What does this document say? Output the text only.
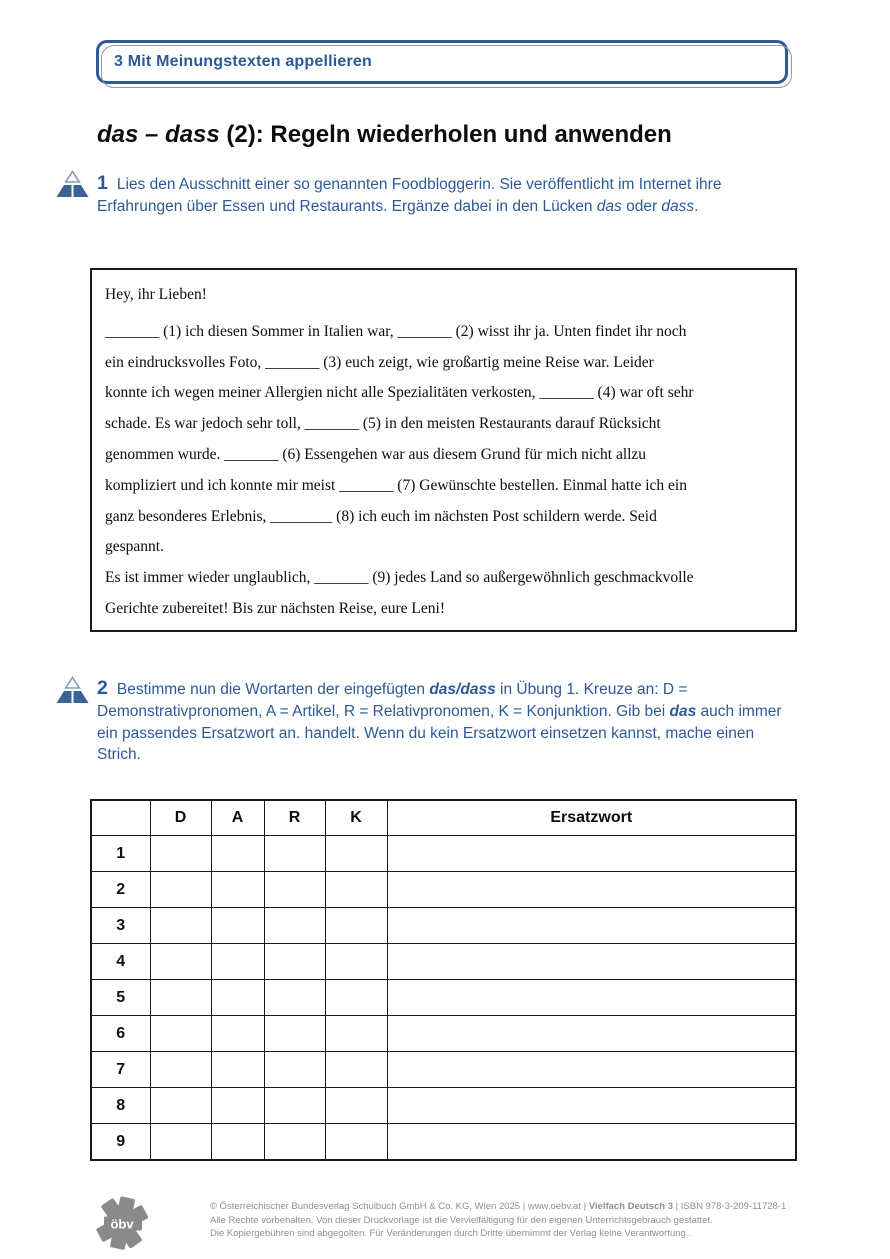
3 Mit Meinungstexten appellieren
das – dass (2): Regeln wiederholen und anwenden

1 Lies den Ausschnitt einer so genannten Foodbloggerin. Sie veröffentlicht im Internet ihre Erfahrungen über Essen und Restaurants. Ergänze dabei in den Lücken das oder dass.

Hey, ihr Lieben!
_______ (1) ich diesen Sommer in Italien war, _______ (2) wisst ihr ja. Unten findet ihr noch
ein eindrucksvolles Foto, _______ (3) euch zeigt, wie großartig meine Reise war. Leider
konnte ich wegen meiner Allergien nicht alle Spezialitäten verkosten, _______ (4) war oft sehr
schade. Es war jedoch sehr toll, _______ (5) in den meisten Restaurants darauf Rücksicht
genommen wurde. _______ (6) Essengehen war aus diesem Grund für mich nicht allzu
kompliziert und ich konnte mir meist _______ (7) Gewünschte bestellen. Einmal hatte ich ein
ganz besonderes Erlebnis, ________ (8) ich euch im nächsten Post schildern werde. Seid
gespannt.
Es ist immer wieder unglaublich, _______ (9) jedes Land so außergewöhnlich geschmackvolle
Gerichte zubereitet! Bis zur nächsten Reise, eure Leni!

2 Bestimme nun die Wortarten der eingefügten das/dass in Übung 1. Kreuze an: D = Demonstrativpronomen, A = Artikel, R = Relativpronomen, K = Konjunktion. Gib bei das auch immer ein passendes Ersatzwort an. handelt. Wenn du kein Ersatzwort einsetzen kannst, mache einen Strich.

	D	A	R	K	Ersatzwort
1					
2					
3					
4					
5					
6					
7					
8					
9					
öbv
© Österreichischer Bundesverlag Schulbuch GmbH & Co. KG, Wien 2025 | www.oebv.at | Vielfach Deutsch 3 | ISBN 978-3-209-11728-1
Alle Rechte vorbehalten. Von dieser Druckvorlage ist die Vervielfältigung für den eigenen Unterrichtsgebrauch gestattet.
Die Kopiergebühren sind abgegolten. Für Veränderungen durch Dritte übernimmt der Verlag keine Verantwortung .
